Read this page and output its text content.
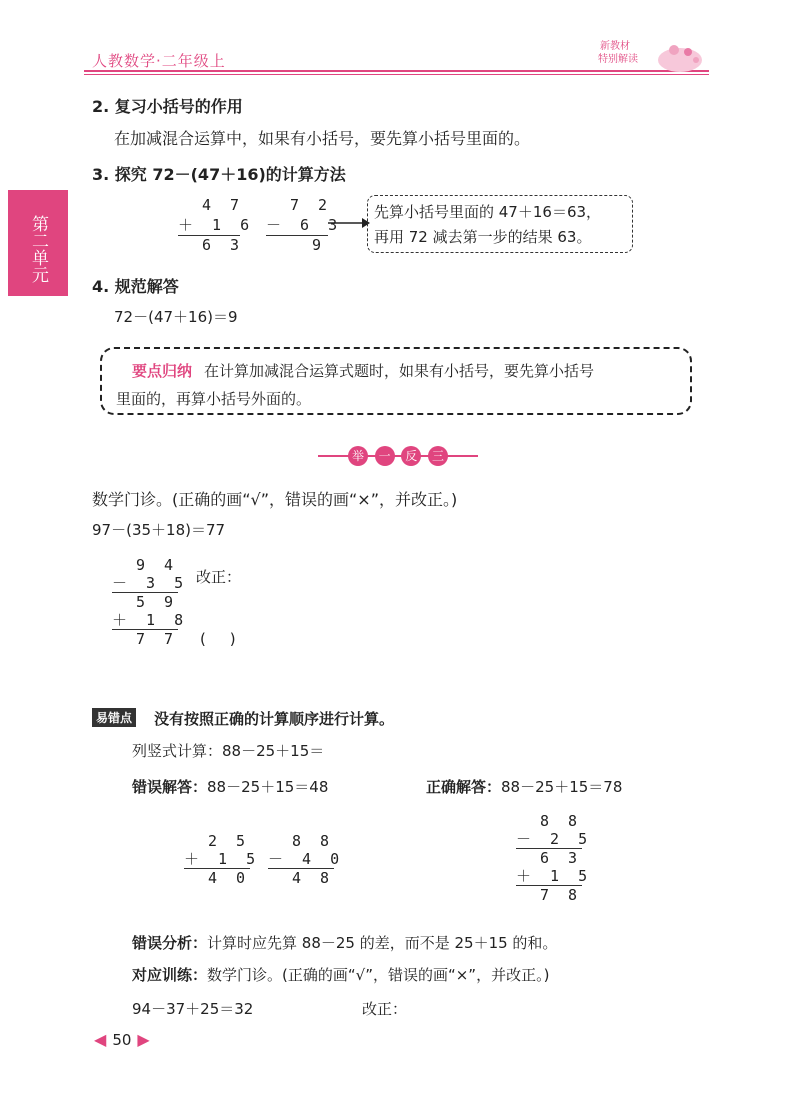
人教数学·二年级上
新教材
特别解读
第二单元
2. 复习小括号的作用
在加减混合运算中，如果有小括号，要先算小括号里面的。
3. 探究 72－(47＋16)的计算方法
4 7
＋ 1 6
6 3
7 2
－ 6 3
9
先算小括号里面的 47＋16＝63，
再用 72 减去第一步的结果 63。
4. 规范解答
72－(47＋16)＝9
要点归纳 在计算加减混合运算式题时，如果有小括号，要先算小括号
里面的，再算小括号外面的。
举	一	反	三
数学门诊。(正确的画“√”，错误的画“×”，并改正。)
97－(35＋18)＝77
9 4
－ 3 5
5 9
＋ 1 8
7 7
改正：
(     )
易错点 没有按照正确的计算顺序进行计算。
列竖式计算：88－25＋15＝
错误解答：88－25＋15＝48	正确解答：88－25＋15＝78
2 5
＋ 1 5
4 0
8 8
－ 4 0
4 8
8 8
－ 2 5
6 3
＋ 1 5
7 8
错误分析：计算时应先算 88－25 的差，而不是 25＋15 的和。
对应训练：数学门诊。(正确的画“√”，错误的画“×”，并改正。)
94－37＋25＝32	改正：
◀ 50 ▶
